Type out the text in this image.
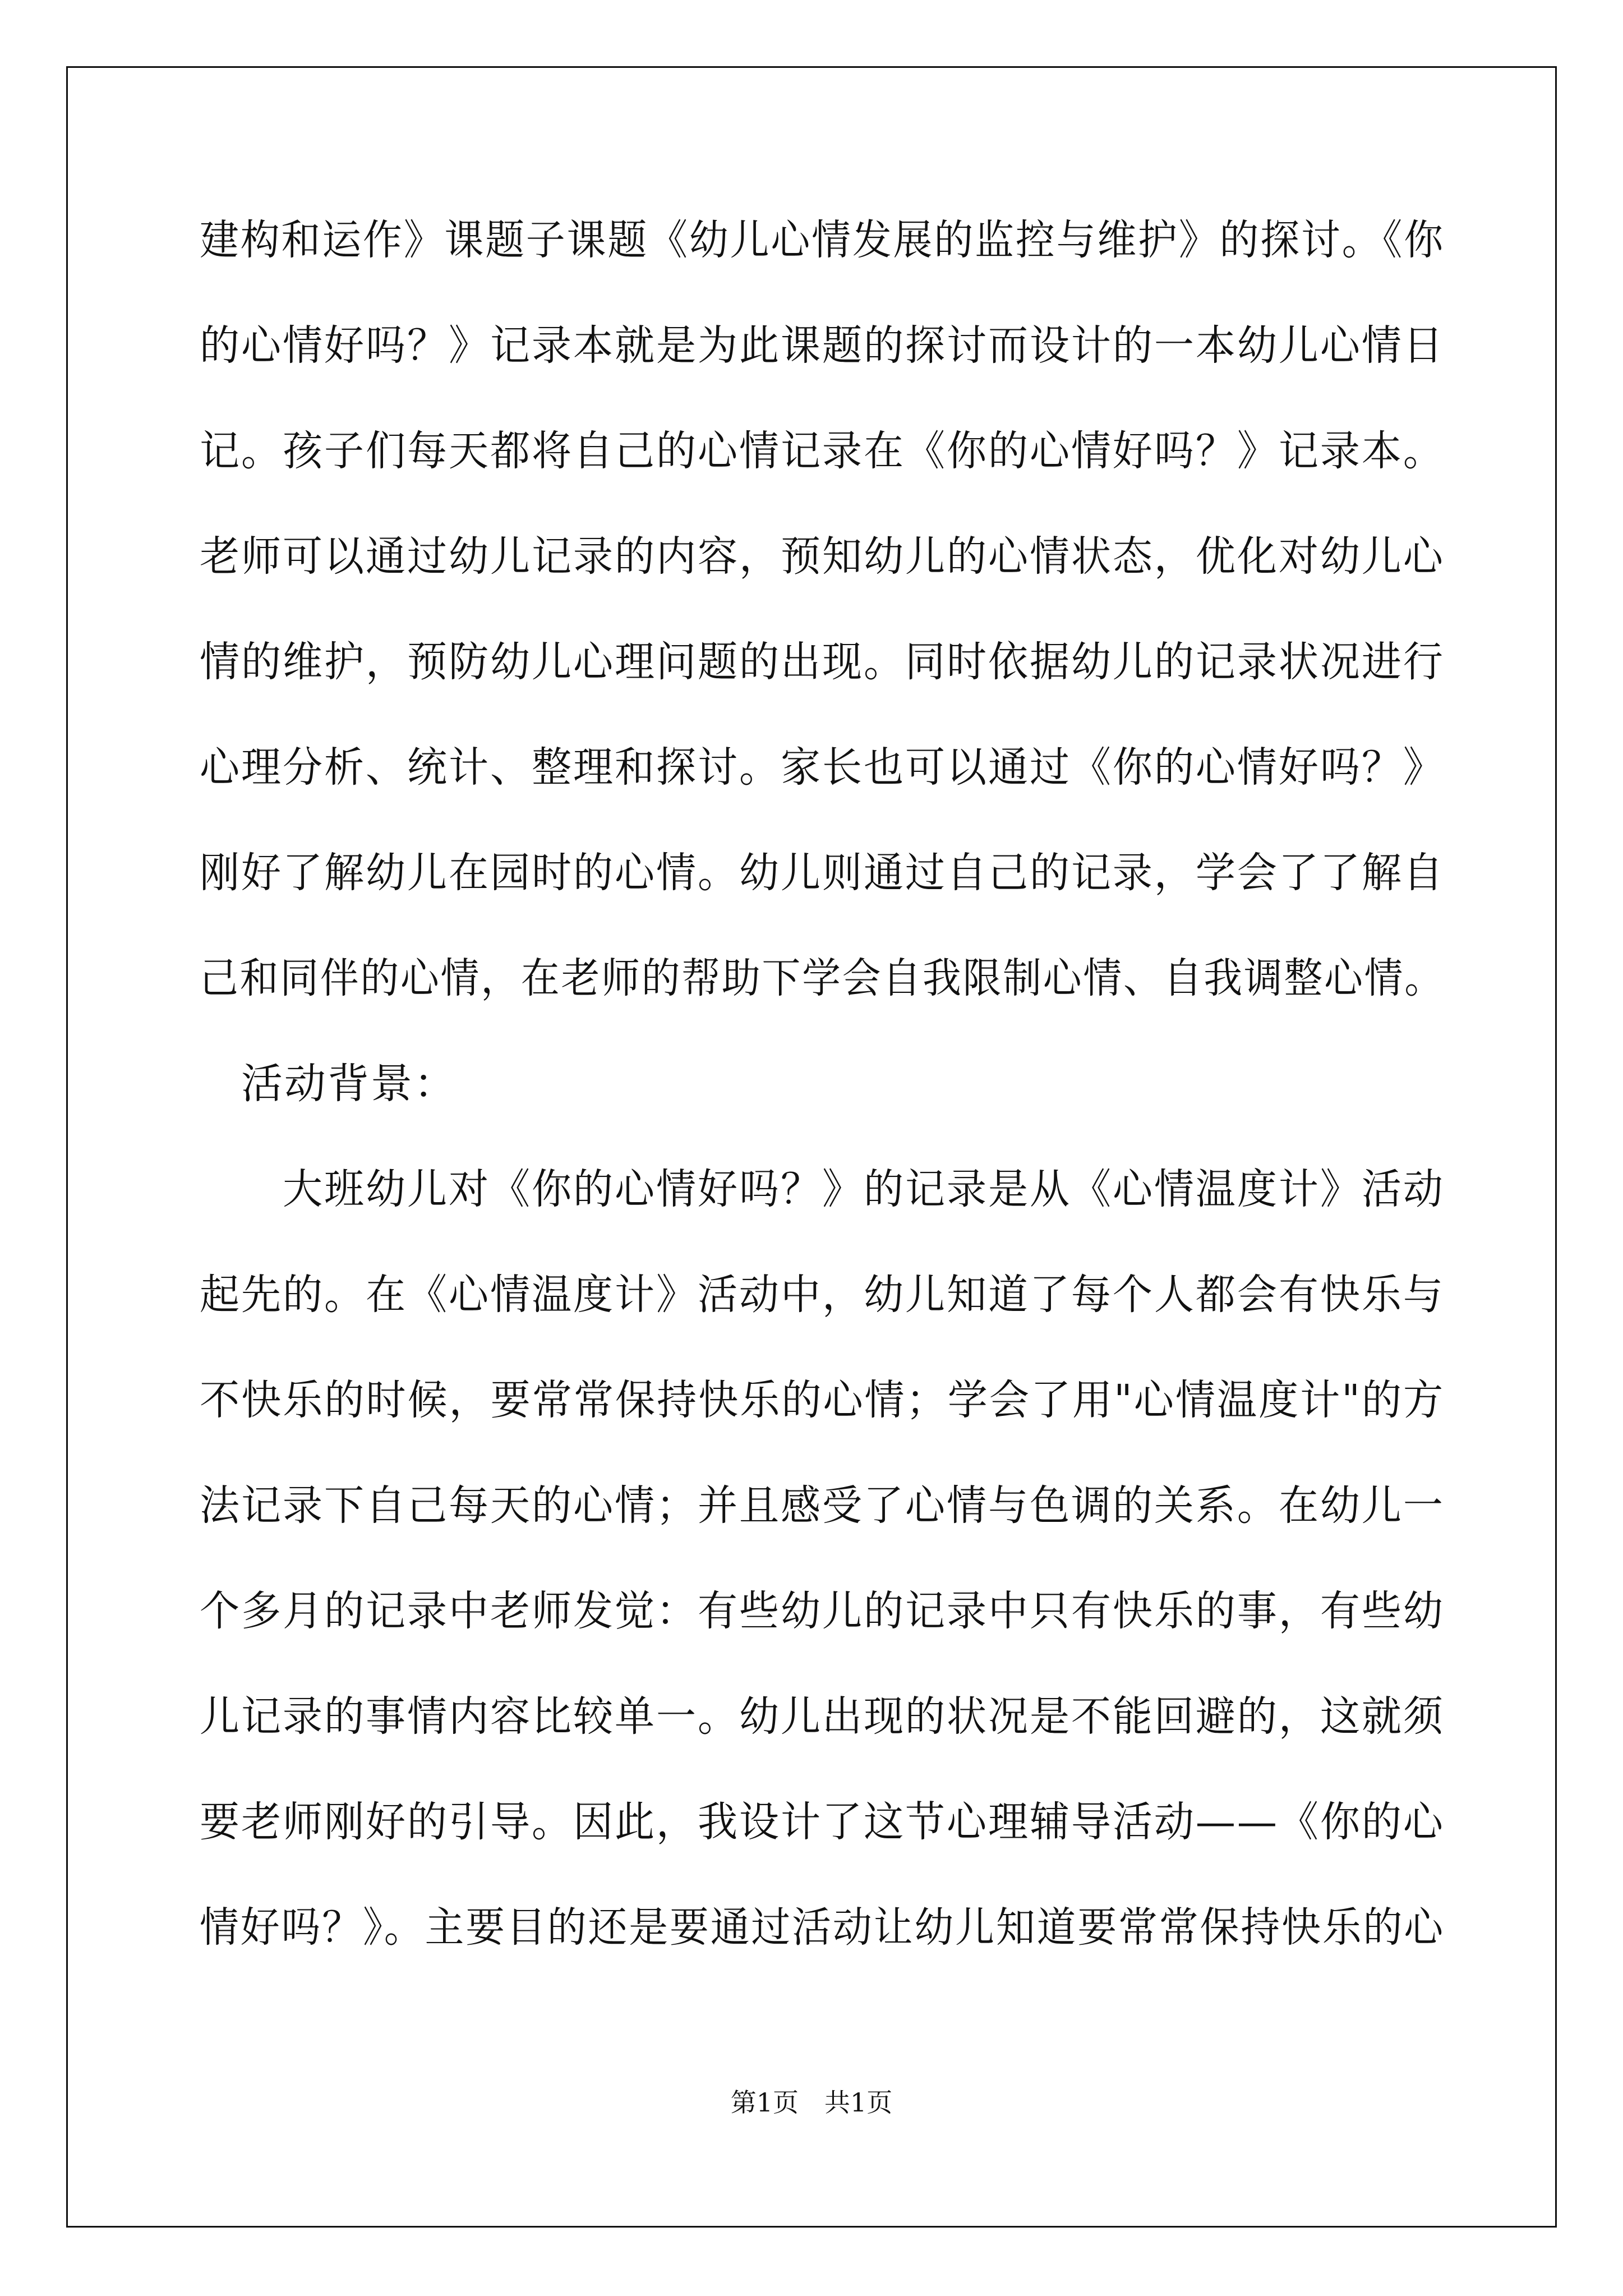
建构和运作》课题子课题《幼儿心情发展的监控与维护》的探讨。《你
的心情好吗？》记录本就是为此课题的探讨而设计的一本幼儿心情日
记。孩子们每天都将自己的心情记录在《你的心情好吗？》记录本。
老师可以通过幼儿记录的内容，预知幼儿的心情状态，优化对幼儿心
情的维护，预防幼儿心理问题的出现。同时依据幼儿的记录状况进行
心理分析、统计、整理和探讨。家长也可以通过《你的心情好吗？》
刚好了解幼儿在园时的心情。幼儿则通过自己的记录，学会了了解自
己和同伴的心情，在老师的帮助下学会自我限制心情、自我调整心情。
活动背景：
大班幼儿对《你的心情好吗？》的记录是从《心情温度计》活动
起先的。在《心情温度计》活动中，幼儿知道了每个人都会有快乐与
不快乐的时候，要常常保持快乐的心情；学会了用"心情温度计"的方
法记录下自己每天的心情；并且感受了心情与色调的关系。在幼儿一
个多月的记录中老师发觉：有些幼儿的记录中只有快乐的事，有些幼
儿记录的事情内容比较单一。幼儿出现的状况是不能回避的，这就须
要老师刚好的引导。因此，我设计了这节心理辅导活动——《你的心
情好吗？》。主要目的还是要通过活动让幼儿知道要常常保持快乐的心
第1页　共1页
